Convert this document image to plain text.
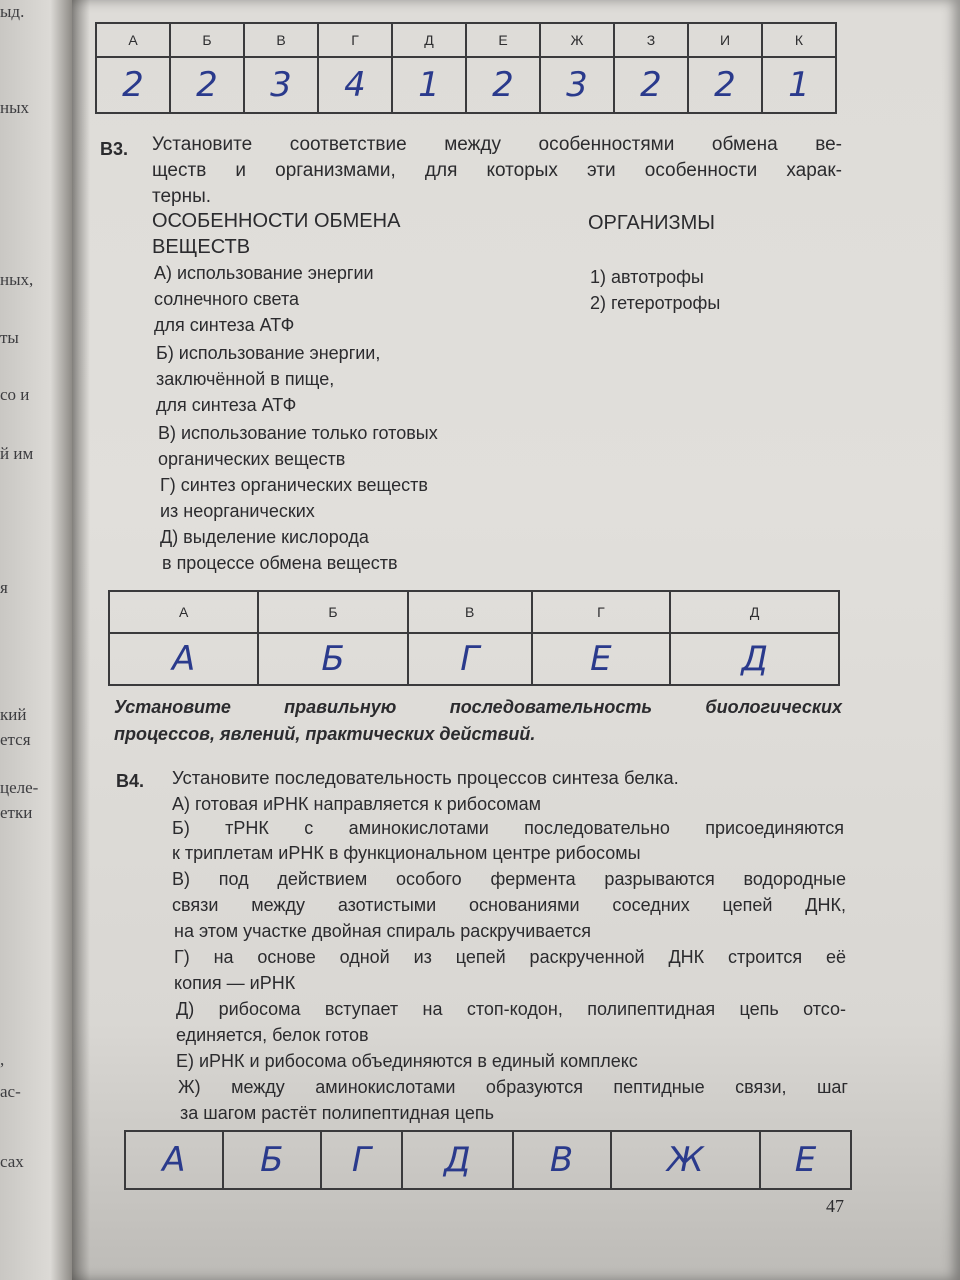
ыд.
ных
ных,
ты
со и
й им
я
кий
ется
целе-
етки
,
ас-
сах
А	Б	В	Г	Д	Е	Ж	З	И	К
2	2	3	4	1	2	3	2	2	1
В3. Установите соответствие между особенностями обмена ве-
ществ и организмами, для которых эти особенности харак-
терны.
ОСОБЕННОСТИ ОБМЕНА
ВЕЩЕСТВ
ОРГАНИЗМЫ
А) использование энергии
солнечного света
для синтеза АТФ
Б) использование энергии,
заключённой в пище,
для синтеза АТФ
В) использование только готовых
органических веществ
Г) синтез органических веществ
из неорганических
Д) выделение кислорода
в процессе обмена веществ
1) автотрофы
2) гетеротрофы
А	Б	В	Г	Д
А	Б	Г	Е	Д
Установите правильную последовательность биологических
процессов, явлений, практических действий.
В4. Установите последовательность процессов синтеза белка.
А) готовая иРНК направляется к рибосомам
Б) тРНК с аминокислотами последовательно присоединяются
к триплетам иРНК в функциональном центре рибосомы
В) под действием особого фермента разрываются водородные
связи между азотистыми основаниями соседних цепей ДНК,
на этом участке двойная спираль раскручивается
Г) на основе одной из цепей раскрученной ДНК строится её
копия — иРНК
Д) рибосома вступает на стоп-кодон, полипептидная цепь отсо-
единяется, белок готов
Е) иРНК и рибосома объединяются в единый комплекс
Ж) между аминокислотами образуются пептидные связи, шаг
за шагом растёт полипептидная цепь
А	Б	Г	Д	В	Ж	Е
47
